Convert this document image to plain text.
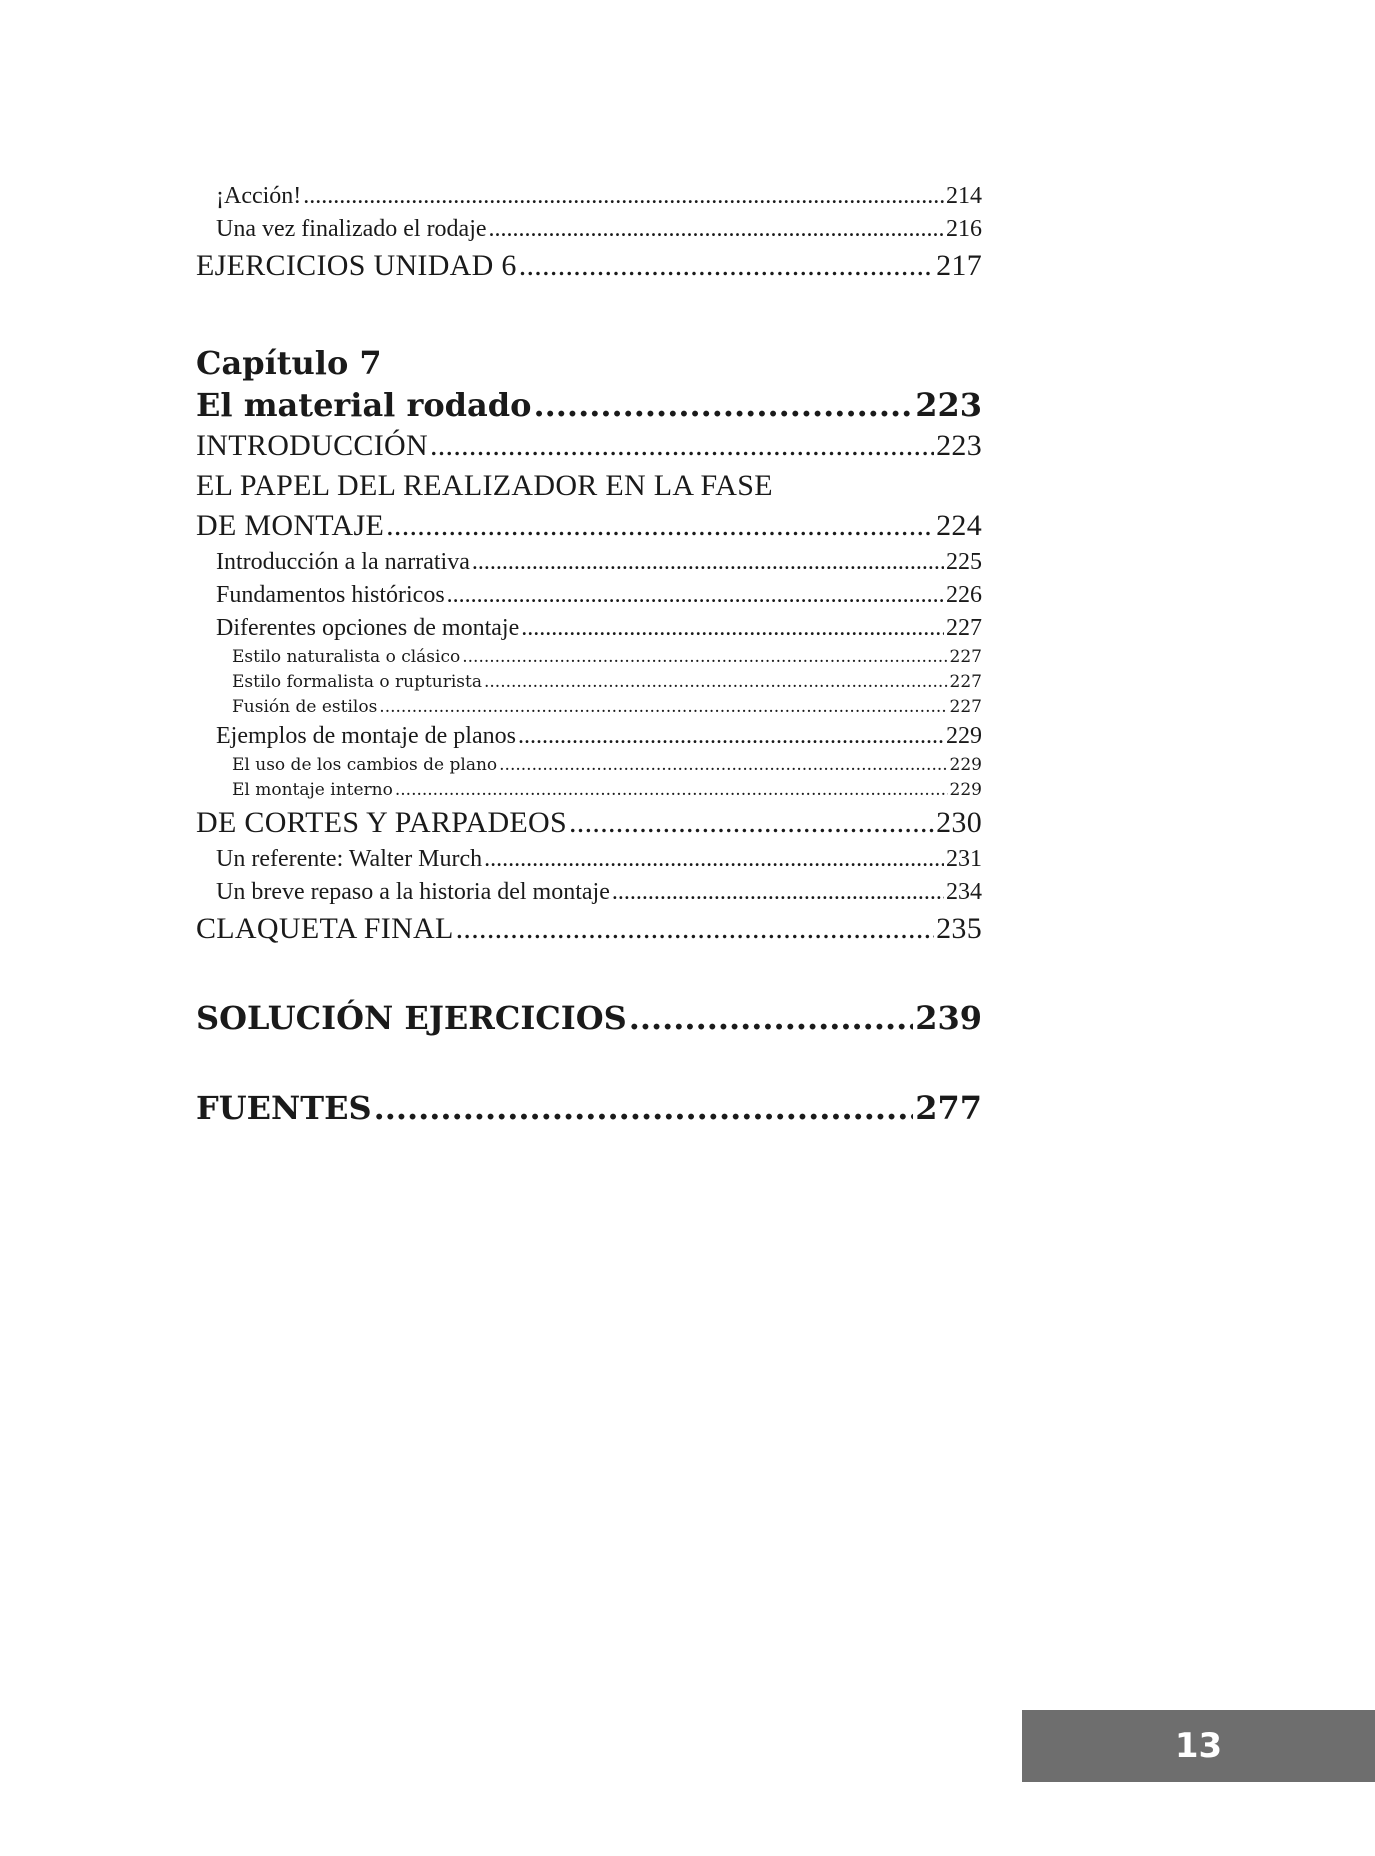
¡Acción! .....	214
Una vez finalizado el rodaje .....	216
EJERCICIOS UNIDAD 6 .....	217
Capítulo 7
El material rodado .....	223
INTRODUCCIÓN .....	223
EL PAPEL DEL REALIZADOR EN LA FASE
DE MONTAJE .....	224
Introducción a la narrativa .....	225
Fundamentos históricos .....	226
Diferentes opciones de montaje .....	227
Estilo naturalista o clásico .....	227
Estilo formalista o rupturista .....	227
Fusión de estilos .....	227
Ejemplos de montaje de planos .....	229
El uso de los cambios de plano .....	229
El montaje interno .....	229
DE CORTES Y PARPADEOS .....	230
Un referente: Walter Murch .....	231
Un breve repaso a la historia del montaje .....	234
CLAQUETA FINAL .....	235
SOLUCIÓN EJERCICIOS .....	239
FUENTES .....	277
13
